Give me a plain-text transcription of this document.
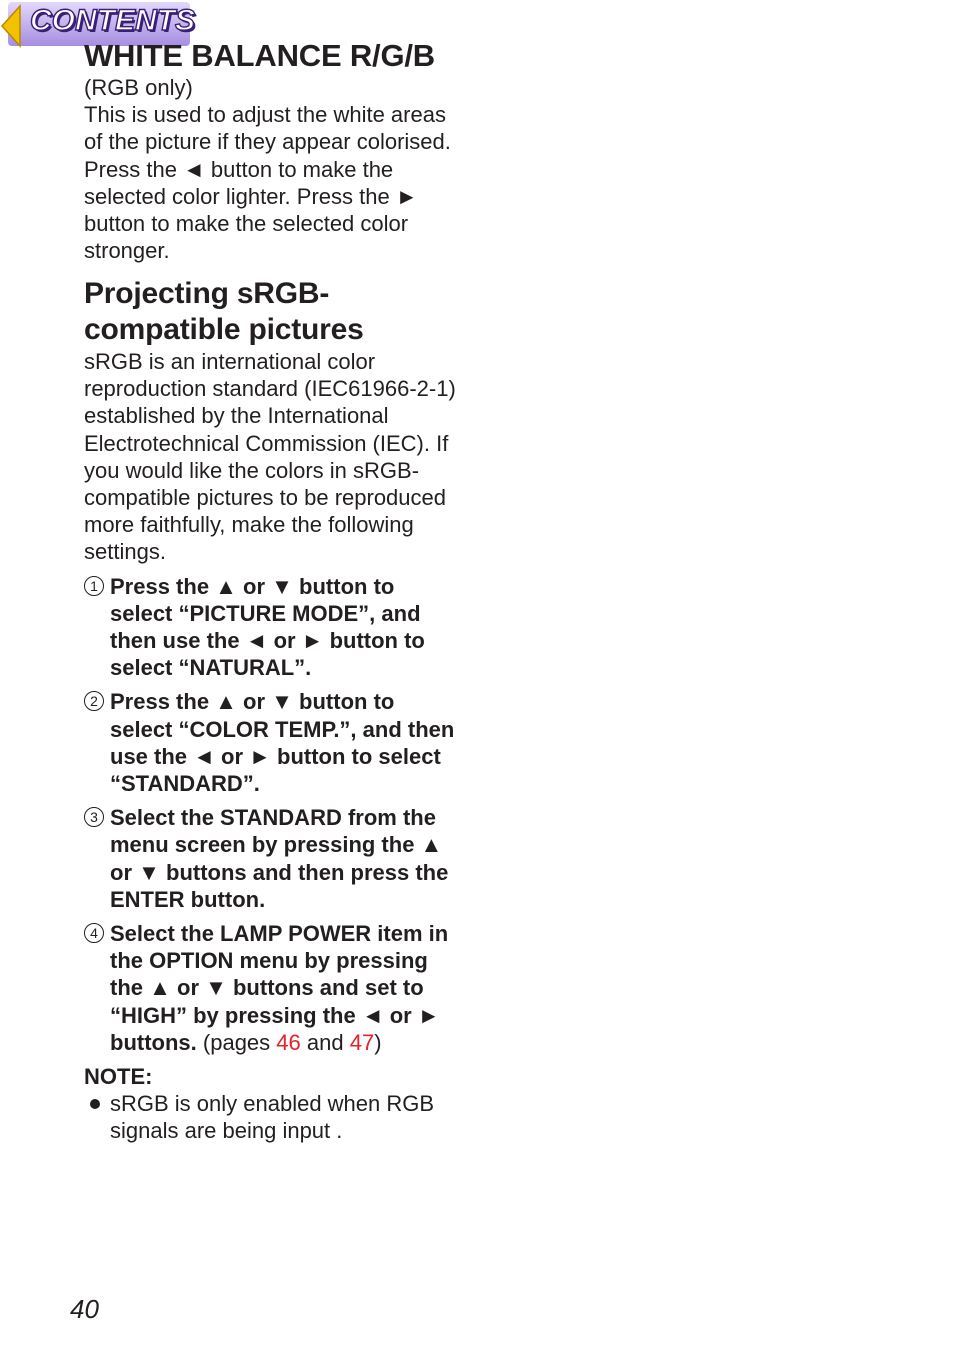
CONTENTS
WHITE BALANCE R/G/B

(RGB only)

This is used to adjust the white areas of the picture if they appear colorised. Press the ◄ button to make the selected color lighter. Press the ► button to make the selected color stronger.

Projecting sRGB-
compatible pictures

sRGB is an international color reproduction standard (IEC61966-2-1) established by the International Electrotechnical Commission (IEC). If you would like the colors in sRGB-compatible pictures to be reproduced more faithfully, make the following settings.

1 Press the ▲ or ▼ button to select “PICTURE MODE”, and then use the ◄ or ► button to select “NATURAL”.
2 Press the ▲ or ▼ button to select “COLOR TEMP.”, and then use the ◄ or ► button to select “STANDARD”.
3 Select the STANDARD from the menu screen by pressing the ▲ or ▼ buttons and then press the ENTER button.
4 Select the LAMP POWER item in the OPTION menu by pressing the ▲ or ▼ buttons and set to “HIGH” by pressing the ◄ or ► buttons. (pages 46 and 47)

NOTE:

sRGB is only enabled when RGB signals are being input .
40
